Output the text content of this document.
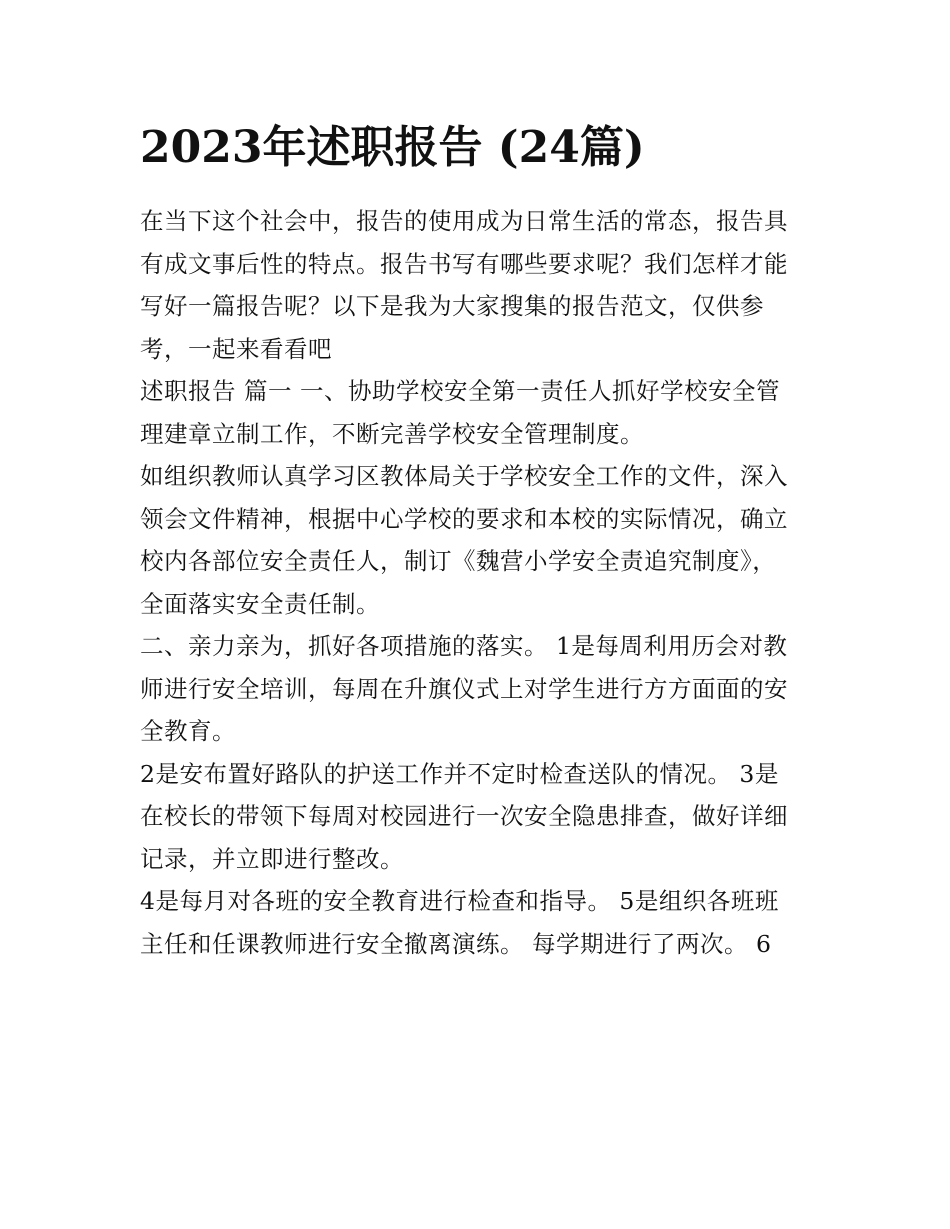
2023年述职报告 (24篇)

在当下这个社会中，报告的使用成为日常生活的常态，报告具
有成文事后性的特点。报告书写有哪些要求呢？我们怎样才能
写好一篇报告呢？以下是我为大家搜集的报告范文，仅供参
考，一起来看看吧

述职报告 篇一 一、协助学校安全第一责任人抓好学校安全管
理建章立制工作，不断完善学校安全管理制度。

如组织教师认真学习区教体局关于学校安全工作的文件，深入
领会文件精神，根据中心学校的要求和本校的实际情况，确立
校内各部位安全责任人，制订《魏营小学安全责追究制度》，
全面落实安全责任制。

二、亲力亲为，抓好各项措施的落实。 1是每周利用历会对教
师进行安全培训，每周在升旗仪式上对学生进行方方面面的安
全教育。

2是安布置好路队的护送工作并不定时检查送队的情况。 3是
在校长的带领下每周对校园进行一次安全隐患排查，做好详细
记录，并立即进行整改。

4是每月对各班的安全教育进行检查和指导。 5是组织各班班
主任和任课教师进行安全撤离演练。 每学期进行了两次。 6
